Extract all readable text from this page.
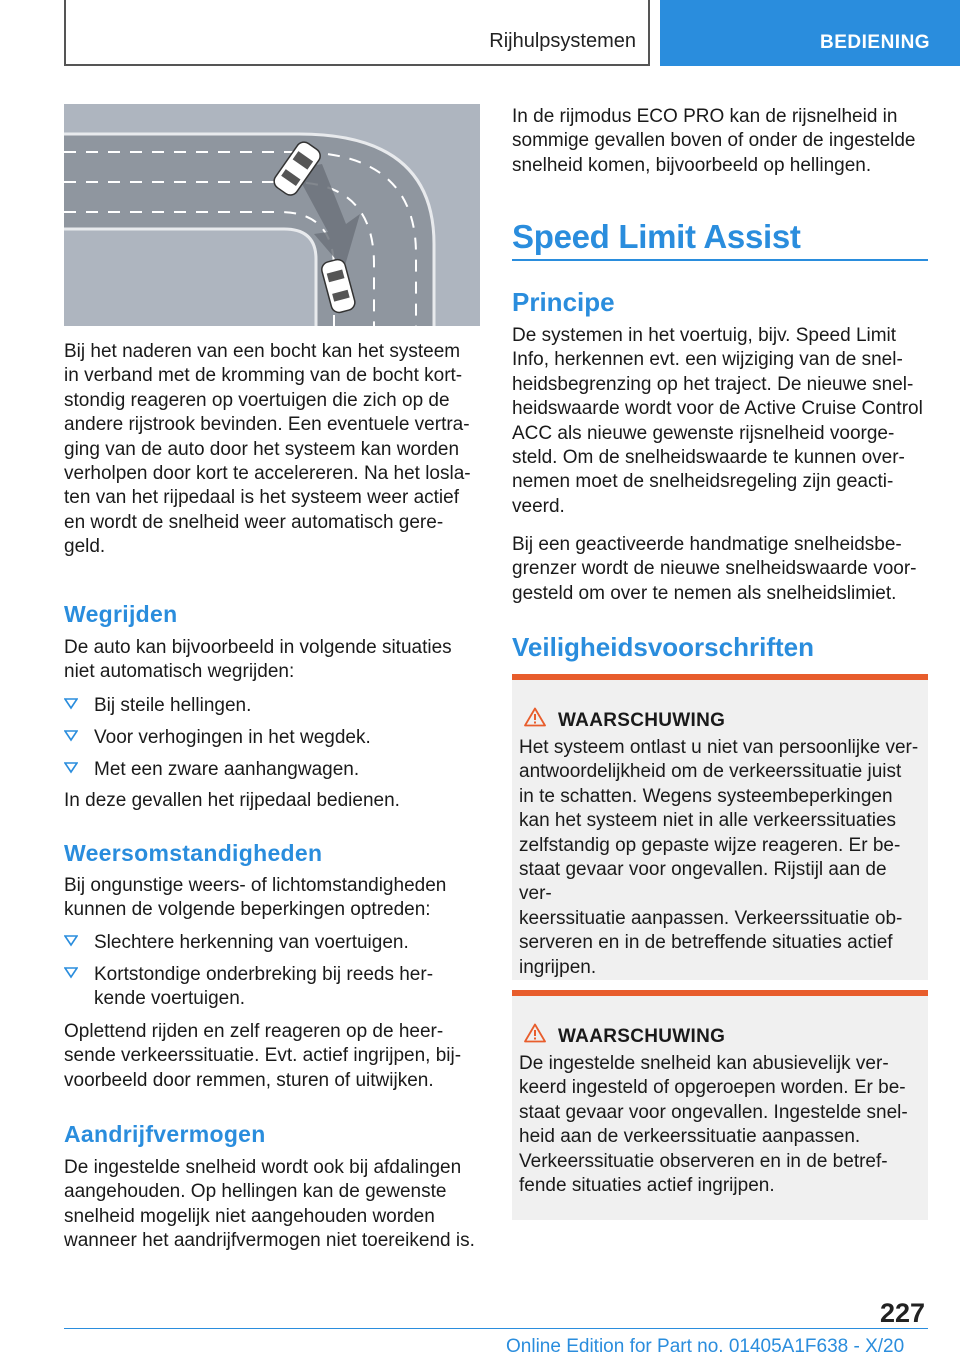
Rijhulpsystemen	BEDIENING
Bij het naderen van een bocht kan het systeem
in verband met de kromming van de bocht kort‐
stondig reageren op voertuigen die zich op de
andere rijstrook bevinden. Een eventuele vertra‐
ging van de auto door het systeem kan worden
verholpen door kort te accelereren. Na het losla‐
ten van het rijpedaal is het systeem weer actief
en wordt de snelheid weer automatisch gere‐
geld.
Wegrijden
De auto kan bijvoorbeeld in volgende situaties
niet automatisch wegrijden:
Bij steile hellingen.
Voor verhogingen in het wegdek.
Met een zware aanhangwagen.
In deze gevallen het rijpedaal bedienen.
Weersomstandigheden
Bij ongunstige weers- of lichtomstandigheden
kunnen de volgende beperkingen optreden:
Slechtere herkenning van voertuigen.
Kortstondige onderbreking bij reeds her‐
kende voertuigen.
Oplettend rijden en zelf reageren op de heer‐
sende verkeerssituatie. Evt. actief ingrijpen, bij‐
voorbeeld door remmen, sturen of uitwijken.
Aandrijfvermogen
De ingestelde snelheid wordt ook bij afdalingen
aangehouden. Op hellingen kan de gewenste
snelheid mogelijk niet aangehouden worden
wanneer het aandrijfvermogen niet toereikend is.
In de rijmodus ECO PRO kan de rijsnelheid in
sommige gevallen boven of onder de ingestelde
snelheid komen, bijvoorbeeld op hellingen.
Speed Limit Assist
Principe
De systemen in het voertuig, bijv. Speed Limit
Info, herkennen evt. een wijziging van de snel‐
heidsbegrenzing op het traject. De nieuwe snel‐
heidswaarde wordt voor de Active Cruise Control
ACC als nieuwe gewenste rijsnelheid voorge‐
steld. Om de snelheidswaarde te kunnen over‐
nemen moet de snelheidsregeling zijn geacti‐
veerd.
Bij een geactiveerde handmatige snelheidsbe‐
grenzer wordt de nieuwe snelheidswaarde voor‐
gesteld om over te nemen als snelheidslimiet.
Veiligheidsvoorschriften
WAARSCHUWING
Het systeem ontlast u niet van persoonlijke ver‐
antwoordelijkheid om de verkeerssituatie juist
in te schatten. Wegens systeembeperkingen
kan het systeem niet in alle verkeerssituaties
zelfstandig op gepaste wijze reageren. Er be‐
staat gevaar voor ongevallen. Rijstijl aan de ver‐
keerssituatie aanpassen. Verkeerssituatie ob‐
serveren en in de betreffende situaties actief
ingrijpen.
WAARSCHUWING
De ingestelde snelheid kan abusievelijk ver‐
keerd ingesteld of opgeroepen worden. Er be‐
staat gevaar voor ongevallen. Ingestelde snel‐
heid aan de verkeerssituatie aanpassen.
Verkeerssituatie observeren en in de betref‐
fende situaties actief ingrijpen.
227
Online Edition for Part no. 01405A1F638 - X/20
